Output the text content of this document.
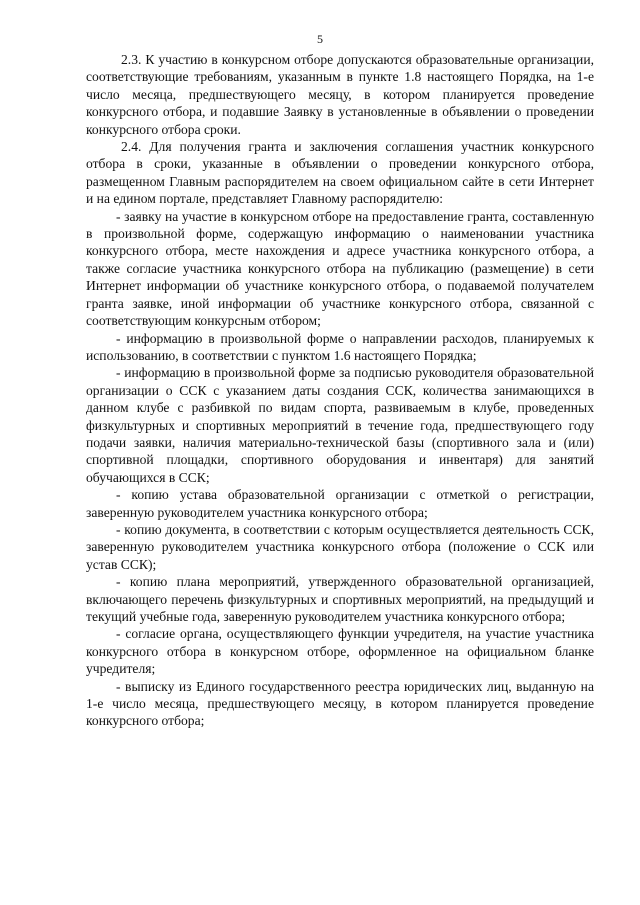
5

2.3. К участию в конкурсном отборе допускаются образовательные организации, соответствующие требованиям, указанным в пункте 1.8 настоящего Порядка, на 1-е число месяца, предшествующего месяцу, в котором планируется проведение конкурсного отбора, и подавшие Заявку в установленные в объявлении о проведении конкурсного отбора сроки.

2.4. Для получения гранта и заключения соглашения участник конкурсного отбора в сроки, указанные в объявлении о проведении конкурсного отбора, размещенном Главным распорядителем на своем официальном сайте в сети Интернет и на едином портале, представляет Главному распорядителю:

- заявку на участие в конкурсном отборе на предоставление гранта, составленную в произвольной форме, содержащую информацию о наименовании участника конкурсного отбора, месте нахождения и адресе участника конкурсного отбора, а также согласие участника конкурсного отбора на публикацию (размещение) в сети Интернет информации об участнике конкурсного отбора, о подаваемой получателем гранта заявке, иной информации об участнике конкурсного отбора, связанной с соответствующим конкурсным отбором;

- информацию в произвольной форме о направлении расходов, планируемых к использованию, в соответствии с пунктом 1.6 настоящего Порядка;

- информацию в произвольной форме за подписью руководителя образовательной организации о ССК с указанием даты создания ССК, количества занимающихся в данном клубе с разбивкой по видам спорта, развиваемым в клубе, проведенных физкультурных и спортивных мероприятий в течение года, предшествующего году подачи заявки, наличия материально-технической базы (спортивного зала и (или) спортивной площадки, спортивного оборудования и инвентаря) для занятий обучающихся в ССК;

- копию устава образовательной организации с отметкой о регистрации, заверенную руководителем участника конкурсного отбора;

- копию документа, в соответствии с которым осуществляется деятельность ССК, заверенную руководителем участника конкурсного отбора (положение о ССК или устав ССК);

- копию плана мероприятий, утвержденного образовательной организацией, включающего перечень физкультурных и спортивных мероприятий, на предыдущий и текущий учебные года, заверенную руководителем участника конкурсного отбора;

- согласие органа, осуществляющего функции учредителя, на участие участника конкурсного отбора в конкурсном отборе, оформленное на официальном бланке учредителя;

- выписку из Единого государственного реестра юридических лиц, выданную на 1-е число месяца, предшествующего месяцу, в котором планируется проведение конкурсного отбора;
